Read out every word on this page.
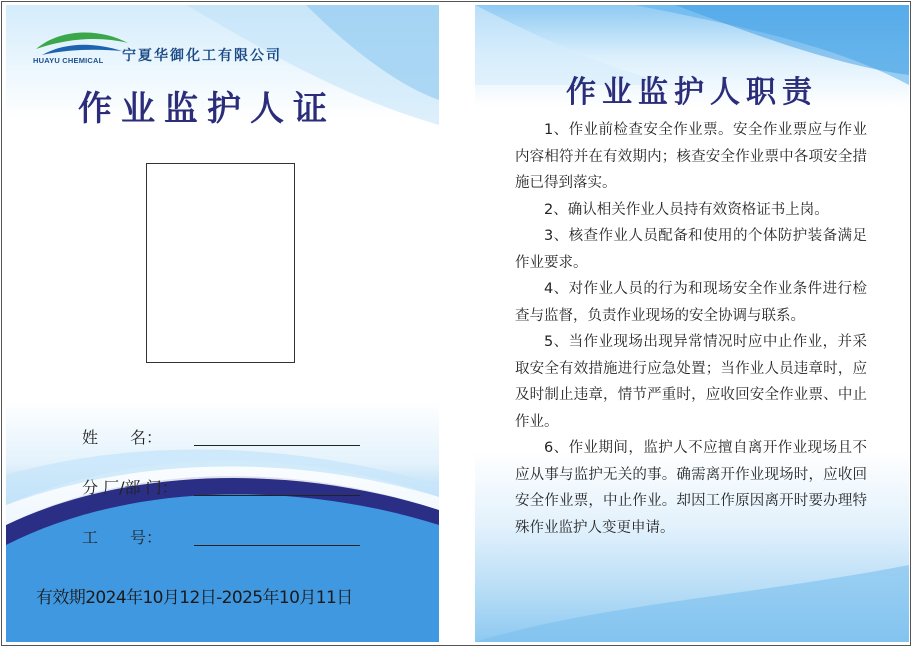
HUAYU CHEMICAL 宁夏华御化工有限公司
作业监护人证
姓　　名：
分 厂/部 门：
工　　号：
有效期2024年10月12日-2025年10月11日
作业监护人职责

1、作业前检查安全作业票。安全作业票应与作业内容相符并在有效期内；核查安全作业票中各项安全措施已得到落实。

2、确认相关作业人员持有效资格证书上岗。

3、核查作业人员配备和使用的个体防护装备满足作业要求。

4、对作业人员的行为和现场安全作业条件进行检查与监督，负责作业现场的安全协调与联系。

5、当作业现场出现异常情况时应中止作业，并采取安全有效措施进行应急处置；当作业人员违章时，应及时制止违章，情节严重时，应收回安全作业票、中止作业。

6、作业期间，监护人不应擅自离开作业现场且不应从事与监护无关的事。确需离开作业现场时，应收回安全作业票，中止作业。却因工作原因离开时要办理特殊作业监护人变更申请。
